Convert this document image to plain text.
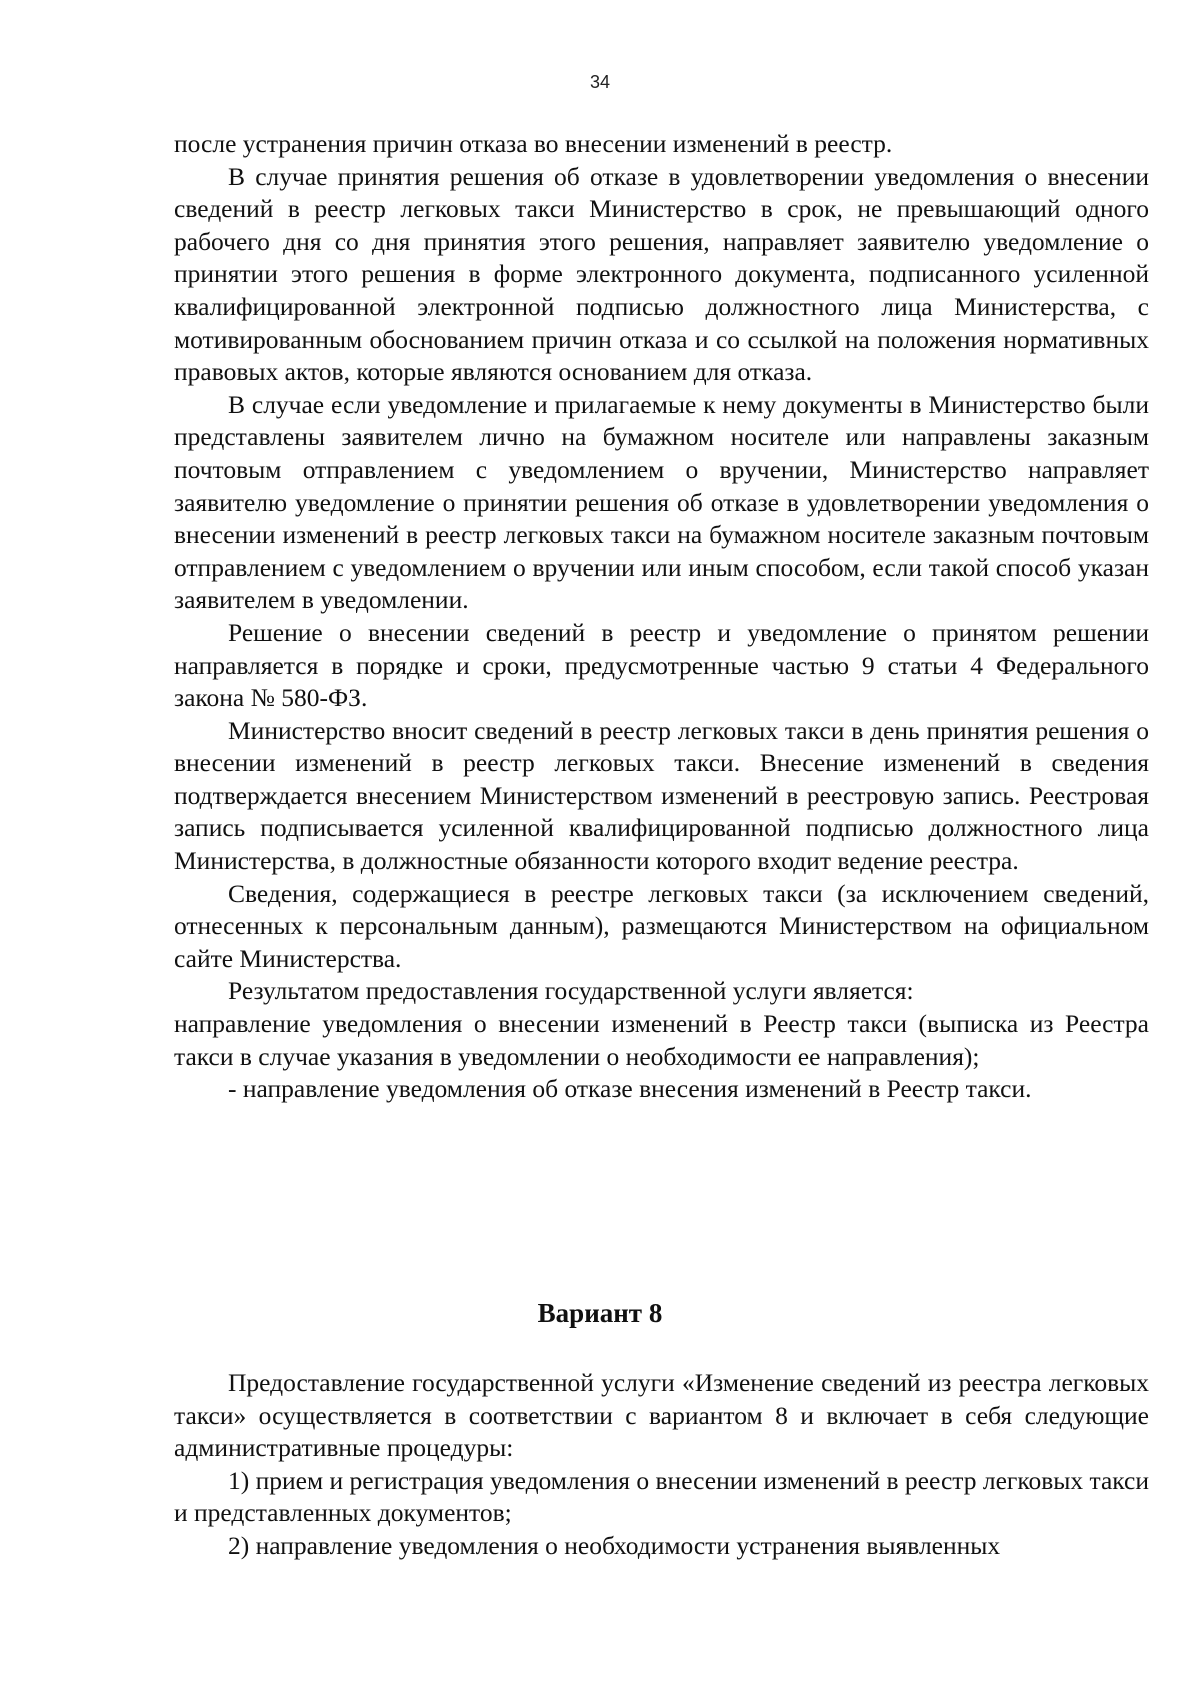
34

после устранения причин отказа во внесении изменений в реестр.

В случае принятия решения об отказе в удовлетворении уведомления о внесении сведений в реестр легковых такси Министерство в срок, не превышающий одного рабочего дня со дня принятия этого решения, направляет заявителю уведомление о принятии этого решения в форме электронного документа, подписанного усиленной квалифицированной электронной подписью должностного лица Министерства, с мотивированным обоснованием причин отказа и со ссылкой на положения нормативных правовых актов, которые являются основанием для отказа.

В случае если уведомление и прилагаемые к нему документы в Министерство были представлены заявителем лично на бумажном носителе или направлены заказным почтовым отправлением с уведомлением о вручении, Министерство направляет заявителю уведомление о принятии решения об отказе в удовлетворении уведомления о внесении изменений в реестр легковых такси на бумажном носителе заказным почтовым отправлением с уведомлением о вручении или иным способом, если такой способ указан заявителем в уведомлении.

Решение о внесении сведений в реестр и уведомление о принятом решении направляется в порядке и сроки, предусмотренные частью 9 статьи 4 Федерального закона № 580-ФЗ.

Министерство вносит сведений в реестр легковых такси в день принятия решения о внесении изменений в реестр легковых такси. Внесение изменений в сведения подтверждается внесением Министерством изменений в реестровую запись. Реестровая запись подписывается усиленной квалифицированной подписью должностного лица Министерства, в должностные обязанности которого входит ведение реестра.

Сведения, содержащиеся в реестре легковых такси (за исключением сведений, отнесенных к персональным данным), размещаются Министерством на официальном сайте Министерства.

Результатом предоставления государственной услуги является:

направление уведомления о внесении изменений в Реестр такси (выписка из Реестра такси в случае указания в уведомлении о необходимости ее направления);

- направление уведомления об отказе внесения изменений в Реестр такси.

Вариант 8

Предоставление государственной услуги «Изменение сведений из реестра легковых такси» осуществляется в соответствии с вариантом 8 и включает в себя следующие административные процедуры:

1) прием и регистрация уведомления о внесении изменений в реестр легковых такси и представленных документов;

2) направление уведомления о необходимости устранения выявленных
